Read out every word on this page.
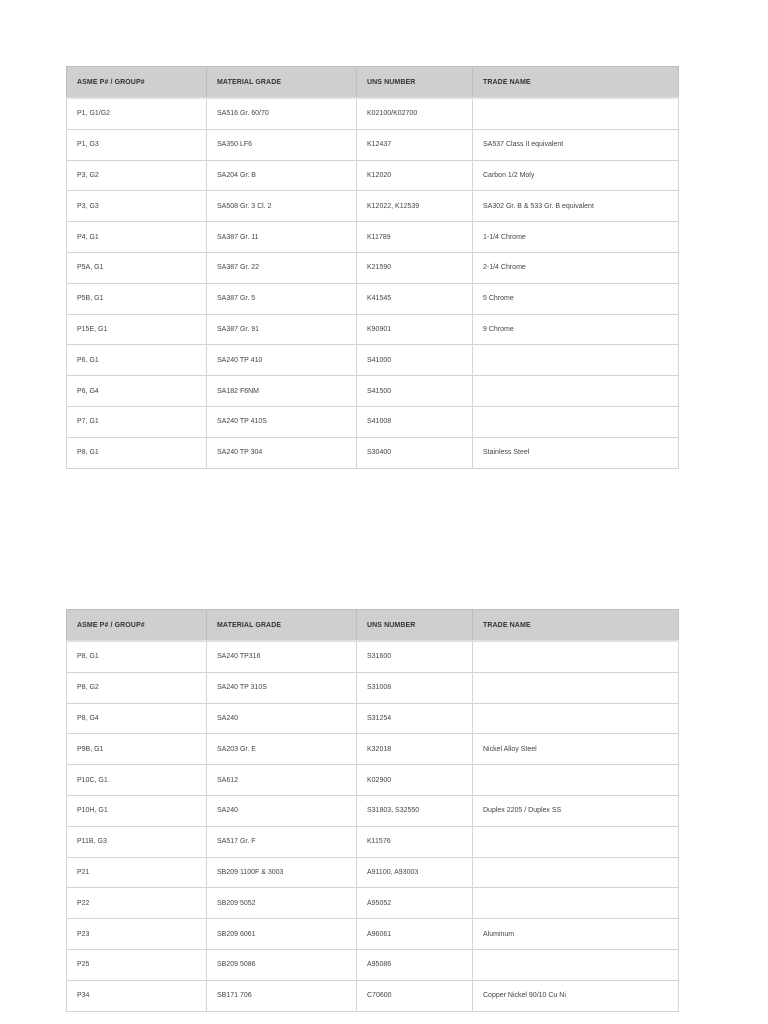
ASME P# / GROUP#	MATERIAL GRADE	UNS NUMBER	TRADE NAME
P1, G1/G2	SA516 Gr. 60/70	K02100/K02700	
P1, G3	SA350 LF6	K12437	SA537 Class II equivalent
P3, G2	SA204 Gr. B	K12020	Carbon 1/2 Moly
P3, G3	SA508 Gr. 3 Cl. 2	K12022, K12539	SA302 Gr. B & 533 Gr. B equivalent
P4, G1	SA387 Gr. 11	K11789	1-1/4 Chrome
P5A, G1	SA387 Gr. 22	K21590	2-1/4 Chrome
P5B, G1	SA387 Gr. 5	K41545	5 Chrome
P15E, G1	SA387 Gr. 91	K90901	9 Chrome
P6, G1	SA240 TP 410	S41000	
P6, G4	SA182 F6NM	S41500	
P7, G1	SA240 TP 410S	S41008	
P8, G1	SA240 TP 304	S30400	Stainless Steel
ASME P# / GROUP#	MATERIAL GRADE	UNS NUMBER	TRADE NAME
P8, G1	SA240 TP316	S31600	
P8, G2	SA240 TP 310S	S31008	
P8, G4	SA240	S31254	
P9B, G1	SA203 Gr. E	K32018	Nickel Alloy Steel
P10C, G1	SA612	K02900	
P10H, G1	SA240	S31803, S32550	Duplex 2205 / Duplex SS
P11B, G3	SA517 Gr. F	K11576	
P21	SB209 1100F & 3003	A91100, A93003	
P22	SB209 5052	A95052	
P23	SB209 6061	A96061	Aluminum
P25	SB209 5086	A95086	
P34	SB171 706	C70600	Copper Nickel 90/10 Cu Ni
